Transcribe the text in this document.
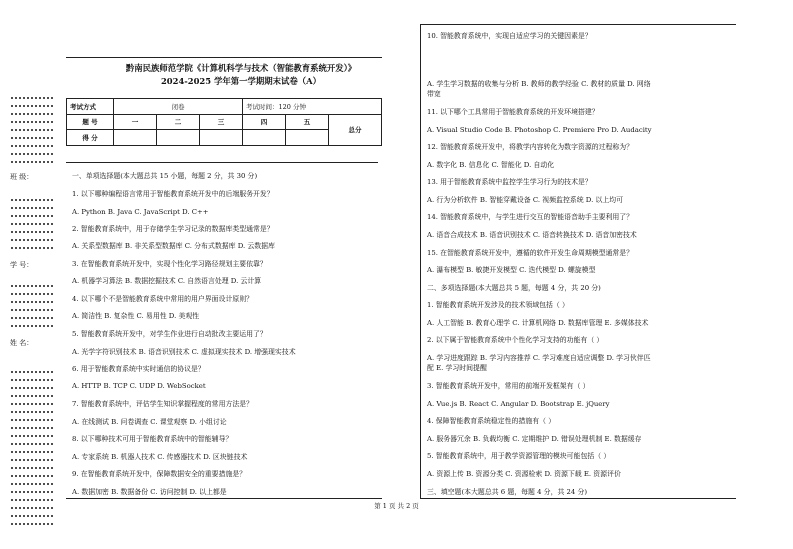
班 级：
学 号：
姓 名：
黔南民族师范学院《计算机科学与技术（智能教育系统开发）》
2024-2025 学年第一学期期末试卷（A）
考试方式	闭卷			考试时间：120 分钟		
题 号	一	二	三	四	五	总分
得 分						
一、单项选择题(本大题总共 15 小题，每题 2 分，共 30 分)
1. 以下哪种编程语言常用于智能教育系统开发中的后端服务开发？
A. Python B. Java C. JavaScript D. C++
2. 智能教育系统中，用于存储学生学习记录的数据库类型通常是？
A. 关系型数据库 B. 非关系型数据库 C. 分布式数据库 D. 云数据库
3. 在智能教育系统开发中，实现个性化学习路径规划主要依靠？
A. 机器学习算法 B. 数据挖掘技术 C. 自然语言处理 D. 云计算
4. 以下哪个不是智能教育系统中常用的用户界面设计原则？
A. 简洁性 B. 复杂性 C. 易用性 D. 美观性
5. 智能教育系统开发中，对学生作业进行自动批改主要运用了？
A. 光学字符识别技术 B. 语音识别技术 C. 虚拟现实技术 D. 增强现实技术
6. 用于智能教育系统中实时通信的协议是？
A. HTTP B. TCP C. UDP D. WebSocket
7. 智能教育系统中，评估学生知识掌握程度的常用方法是？
A. 在线测试 B. 问卷调查 C. 课堂观察 D. 小组讨论
8. 以下哪种技术可用于智能教育系统中的智能辅导？
A. 专家系统 B. 机器人技术 C. 传感器技术 D. 区块链技术
9. 在智能教育系统开发中，保障数据安全的重要措施是？
A. 数据加密 B. 数据备份 C. 访问控制 D. 以上都是
10. 智能教育系统中，实现自适应学习的关键因素是？
A. 学生学习数据的收集与分析 B. 教师的教学经验 C. 教材的质量 D. 网络
带宽
11. 以下哪个工具常用于智能教育系统的开发环境搭建？
A. Visual Studio Code B. Photoshop C. Premiere Pro D. Audacity
12. 智能教育系统开发中，将教学内容转化为数字资源的过程称为？
A. 数字化 B. 信息化 C. 智能化 D. 自动化
13. 用于智能教育系统中监控学生学习行为的技术是？
A. 行为分析软件 B. 智能穿戴设备 C. 视频监控系统 D. 以上均可
14. 智能教育系统中，与学生进行交互的智能语音助手主要利用了？
A. 语音合成技术 B. 语音识别技术 C. 语音转换技术 D. 语音加密技术
15. 在智能教育系统开发中，遵循的软件开发生命周期模型通常是？
A. 瀑布模型 B. 敏捷开发模型 C. 迭代模型 D. 螺旋模型
二、多项选择题(本大题总共 5 题，每题 4 分，共 20 分)
1. 智能教育系统开发涉及的技术领域包括（ ）
A. 人工智能 B. 教育心理学 C. 计算机网络 D. 数据库管理 E. 多媒体技术
2. 以下属于智能教育系统中个性化学习支持的功能有（ ）
A. 学习进度跟踪 B. 学习内容推荐 C. 学习难度自适应调整 D. 学习伙伴匹
配 E. 学习时间提醒
3. 智能教育系统开发中，常用的前端开发框架有（ ）
A. Vue.js B. React C. Angular D. Bootstrap E. jQuery
4. 保障智能教育系统稳定性的措施有（ ）
A. 服务器冗余 B. 负载均衡 C. 定期维护 D. 错误处理机制 E. 数据缓存
5. 智能教育系统中，用于教学资源管理的模块可能包括（ ）
A. 资源上传 B. 资源分类 C. 资源检索 D. 资源下载 E. 资源评价
三、填空题(本大题总共 6 题，每题 4 分，共 24 分)
第 1 页 共 2 页
